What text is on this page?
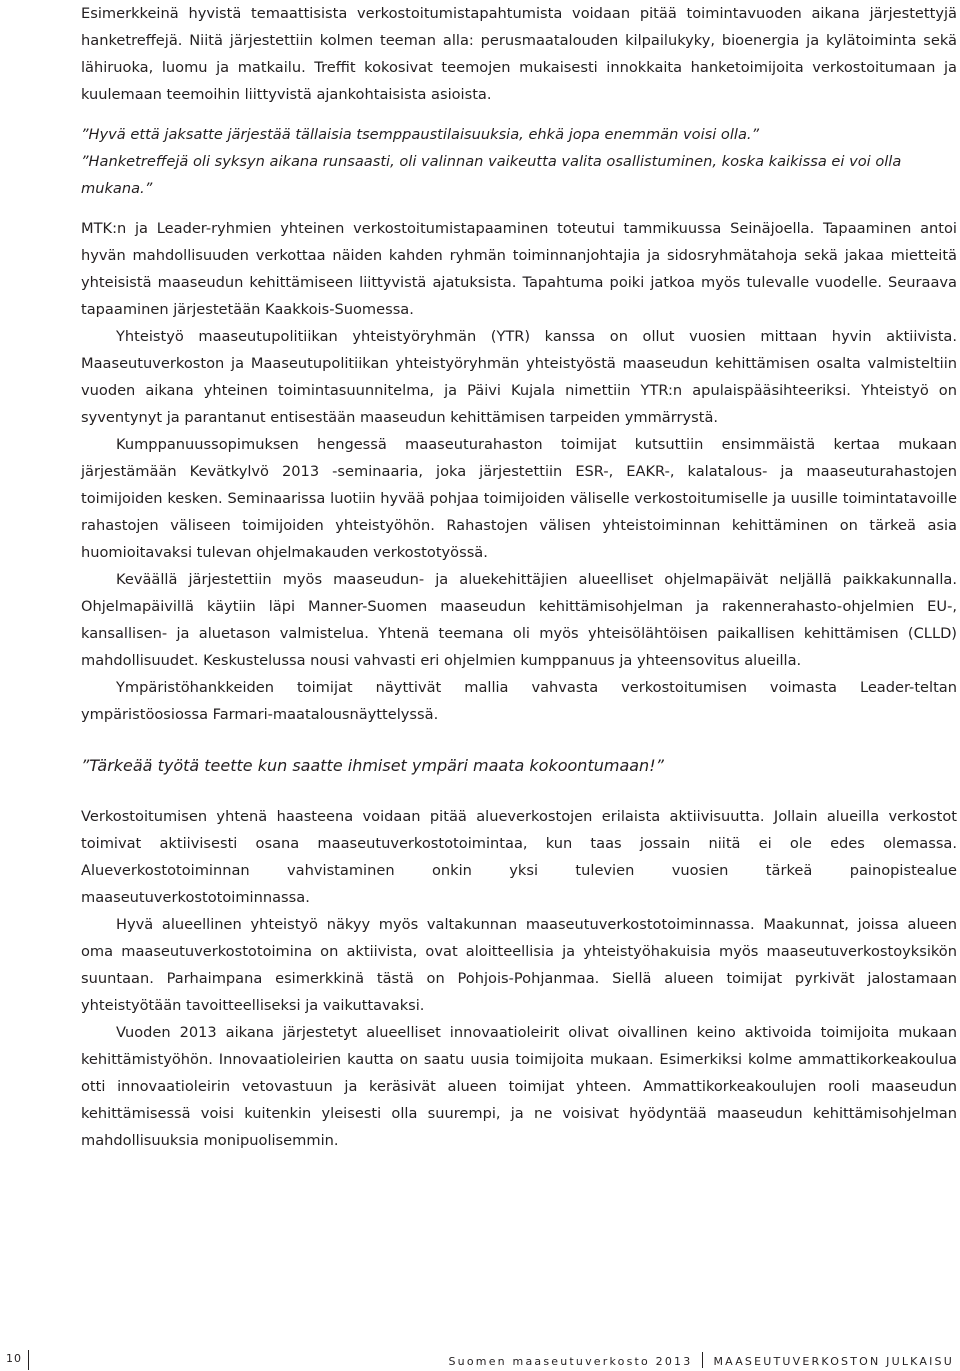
Esimerkkeinä hyvistä temaattisista verkostoitumistapahtumista voidaan pitää toimintavuoden aikana järjestettyjä hanketreffejä. Niitä järjestettiin kolmen teeman alla: perusmaatalouden kilpailukyky, bioenergia ja kylätoiminta sekä lähiruoka, luomu ja matkailu. Treffit kokosivat teemojen mukaisesti innokkaita hanketoimijoita verkostoitumaan ja kuulemaan teemoihin liittyvistä ajankohtaisista asioista.

”Hyvä että jaksatte järjestää tällaisia tsemppaustilaisuuksia, ehkä jopa enemmän voisi olla.”

”Hanketreffejä oli syksyn aikana runsaasti, oli valinnan vaikeutta valita osallistuminen, koska kaikissa ei voi olla mukana.”

MTK:n ja Leader-ryhmien yhteinen verkostoitumistapaaminen toteutui tammikuussa Seinäjoella. Tapaaminen antoi hyvän mahdollisuuden verkottaa näiden kahden ryhmän toiminnanjohtajia ja sidosryhmätahoja sekä jakaa mietteitä yhteisistä maaseudun kehittämiseen liittyvistä ajatuksista. Tapahtuma poiki jatkoa myös tulevalle vuodelle. Seuraava tapaaminen järjestetään Kaakkois-Suomessa.

Yhteistyö maaseutupolitiikan yhteistyöryhmän (YTR) kanssa on ollut vuosien mittaan hyvin aktiivista. Maaseutuverkoston ja Maaseutupolitiikan yhteistyöryhmän yhteistyöstä maaseudun kehittämisen osalta valmisteltiin vuoden aikana yhteinen toimintasuunnitelma, ja Päivi Kujala nimettiin YTR:n apulaispääsihteeriksi. Yhteistyö on syventynyt ja parantanut entisestään maaseudun kehittämisen tarpeiden ymmärrystä.

Kumppanuussopimuksen hengessä maaseuturahaston toimijat kutsuttiin ensimmäistä kertaa mukaan järjestämään Kevätkylvö 2013 -seminaaria, joka järjestettiin ESR-, EAKR-, kalatalous- ja maaseuturahastojen toimijoiden kesken. Seminaarissa luotiin hyvää pohjaa toimijoiden väliselle verkostoitumiselle ja uusille toimintatavoille rahastojen väliseen toimijoiden yhteistyöhön. Rahastojen välisen yhteistoiminnan kehittäminen on tärkeä asia huomioitavaksi tulevan ohjelmakauden verkostotyössä.

Keväällä järjestettiin myös maaseudun- ja aluekehittäjien alueelliset ohjelmapäivät neljällä paikkakunnalla. Ohjelmapäivillä käytiin läpi Manner-Suomen maaseudun kehittämisohjelman ja rakennerahasto-ohjelmien EU-, kansallisen- ja aluetason valmistelua. Yhtenä teemana oli myös yhteisölähtöisen paikallisen kehittämisen (CLLD) mahdollisuudet. Keskustelussa nousi vahvasti eri ohjelmien kumppanuus ja yhteensovitus alueilla.

Ympäristöhankkeiden toimijat näyttivät mallia vahvasta verkostoitumisen voimasta Leader-teltan ympäristöosiossa Farmari-maatalousnäyttelyssä.

”Tärkeää työtä teette kun saatte ihmiset ympäri maata kokoontumaan!”

Verkostoitumisen yhtenä haasteena voidaan pitää alueverkostojen erilaista aktiivisuutta. Jollain alueilla verkostot toimivat aktiivisesti osana maaseutuverkostotoimintaa, kun taas jossain niitä ei ole edes olemassa. Alueverkostotoiminnan vahvistaminen onkin yksi tulevien vuosien tärkeä painopistealue maaseutuverkostotoiminnassa.

Hyvä alueellinen yhteistyö näkyy myös valtakunnan maaseutuverkostotoiminnassa. Maakunnat, joissa alueen oma maaseutuverkostotoimina on aktiivista, ovat aloitteellisia ja yhteistyöhakuisia myös maaseutuverkostoyksikön suuntaan. Parhaimpana esimerkkinä tästä on Pohjois-Pohjanmaa. Siellä alueen toimijat pyrkivät jalostamaan yhteistyötään tavoitteelliseksi ja vaikuttavaksi.

Vuoden 2013 aikana järjestetyt alueelliset innovaatioleirit olivat oivallinen keino aktivoida toimijoita mukaan kehittämistyöhön. Innovaatioleirien kautta on saatu uusia toimijoita mukaan. Esimerkiksi kolme ammattikorkeakoulua otti innovaatioleirin vetovastuun ja keräsivät alueen toimijat yhteen. Ammattikorkeakoulujen rooli maaseudun kehittämisessä voisi kuitenkin yleisesti olla suurempi, ja ne voisivat hyödyntää maaseudun kehittämisohjelman mahdollisuuksia monipuolisemmin.

10	Suomen maaseutuverkosto 2013 MAASEUTUVERKOSTON JULKAISU
